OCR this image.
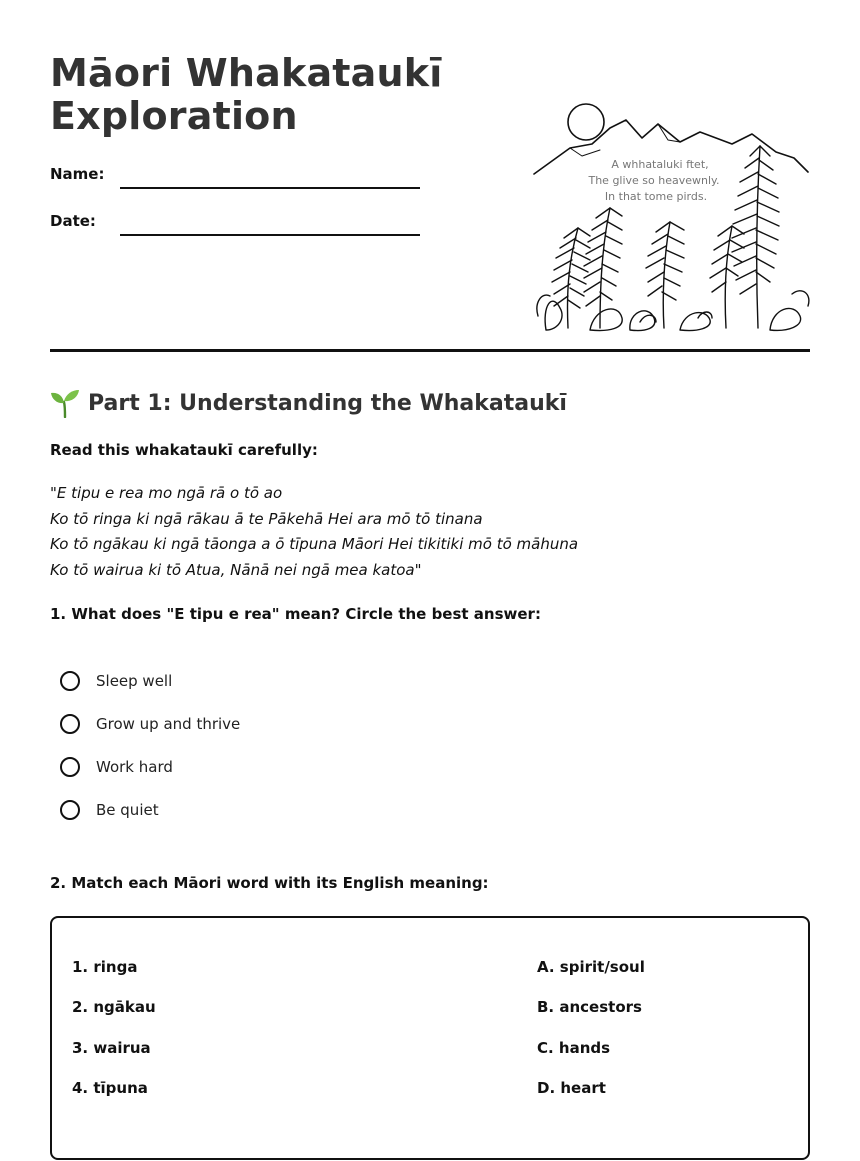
Māori Whakataukī
Exploration
Name:
Date:
A whhataluki ftet,
The glive so heavewnly.
In that tome pirds.
Part 1: Understanding the Whakataukī
Read this whakataukī carefully:
"E tipu e rea mo ngā rā o tō ao
Ko tō ringa ki ngā rākau ā te Pākehā Hei ara mō tō tinana
Ko tō ngākau ki ngā tāonga a ō tīpuna Māori Hei tikitiki mō tō māhuna
Ko tō wairua ki tō Atua, Nānā nei ngā mea katoa"
1. What does "E tipu e rea" mean? Circle the best answer:
Sleep well
Grow up and thrive
Work hard
Be quiet
2. Match each Māori word with its English meaning:
1. ringa
2. ngākau
3. wairua
4. tīpuna
A. spirit/soul
B. ancestors
C. hands
D. heart
